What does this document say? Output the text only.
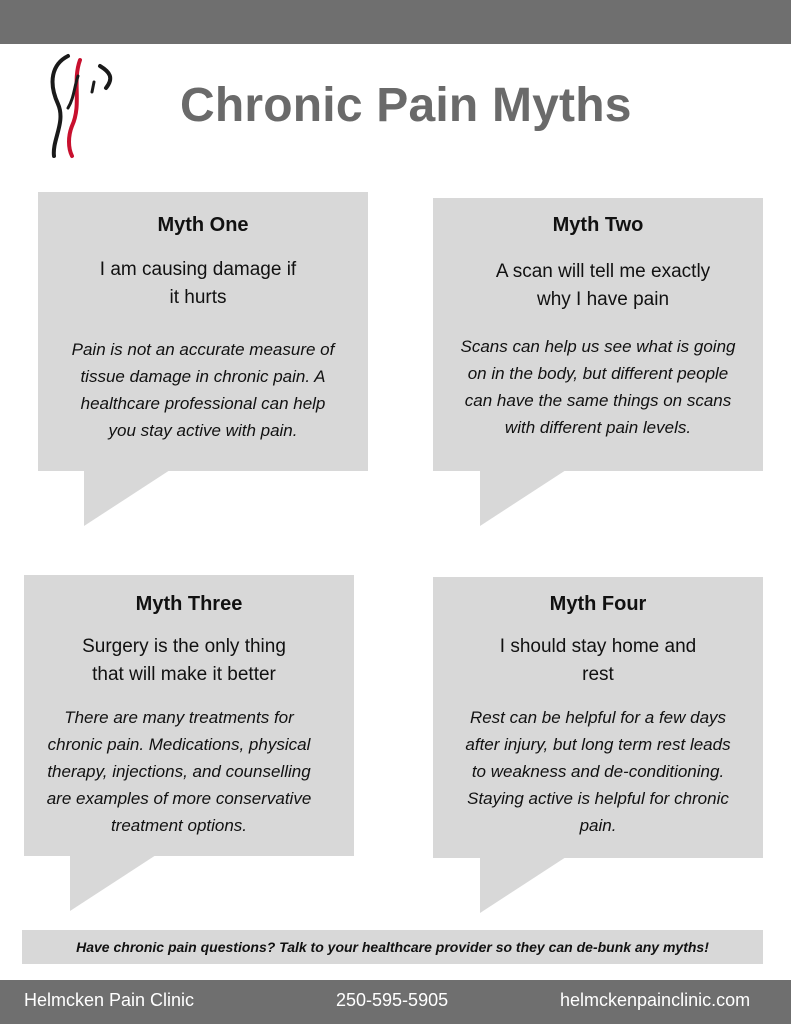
Chronic Pain Myths
Myth One
I am causing damage if
it hurts
Pain is not an accurate measure of
tissue damage in chronic pain. A
healthcare professional can help
you stay active with pain.
Myth Two
A scan will tell me exactly
why I have pain
Scans can help us see what is going
on in the body, but different people
can have the same things on scans
with different pain levels.
Myth Three
Surgery is the only thing
that will make it better
There are many treatments for
chronic pain. Medications, physical
therapy, injections, and counselling
are examples of more conservative
treatment options.
Myth Four
I should stay home and
rest
Rest can be helpful for a few days
after injury, but long term rest leads
to weakness and de-conditioning.
Staying active is helpful for chronic
pain.
Have chronic pain questions? Talk to your healthcare provider so they can de-bunk any myths!
Helmcken Pain Clinic	250-595-5905	helmckenpainclinic.com
